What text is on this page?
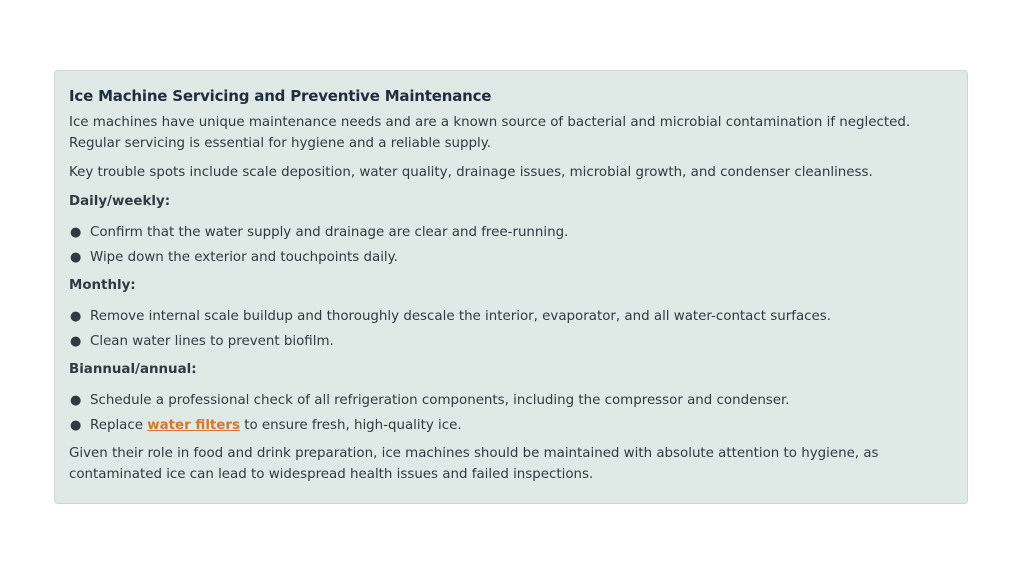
Ice Machine Servicing and Preventive Maintenance

Ice machines have unique maintenance needs and are a known source of bacterial and microbial contamination if neglected. Regular servicing is essential for hygiene and a reliable supply.

Key trouble spots include scale deposition, water quality, drainage issues, microbial growth, and condenser cleanliness.

Daily/weekly:
● Confirm that the water supply and drainage are clear and free-running.
● Wipe down the exterior and touchpoints daily.
Monthly:
● Remove internal scale buildup and thoroughly descale the interior, evaporator, and all water-contact surfaces.
● Clean water lines to prevent biofilm.
Biannual/annual:
● Schedule a professional check of all refrigeration components, including the compressor and condenser.
● Replace water filters to ensure fresh, high-quality ice.

Given their role in food and drink preparation, ice machines should be maintained with absolute attention to hygiene, as contaminated ice can lead to widespread health issues and failed inspections.
